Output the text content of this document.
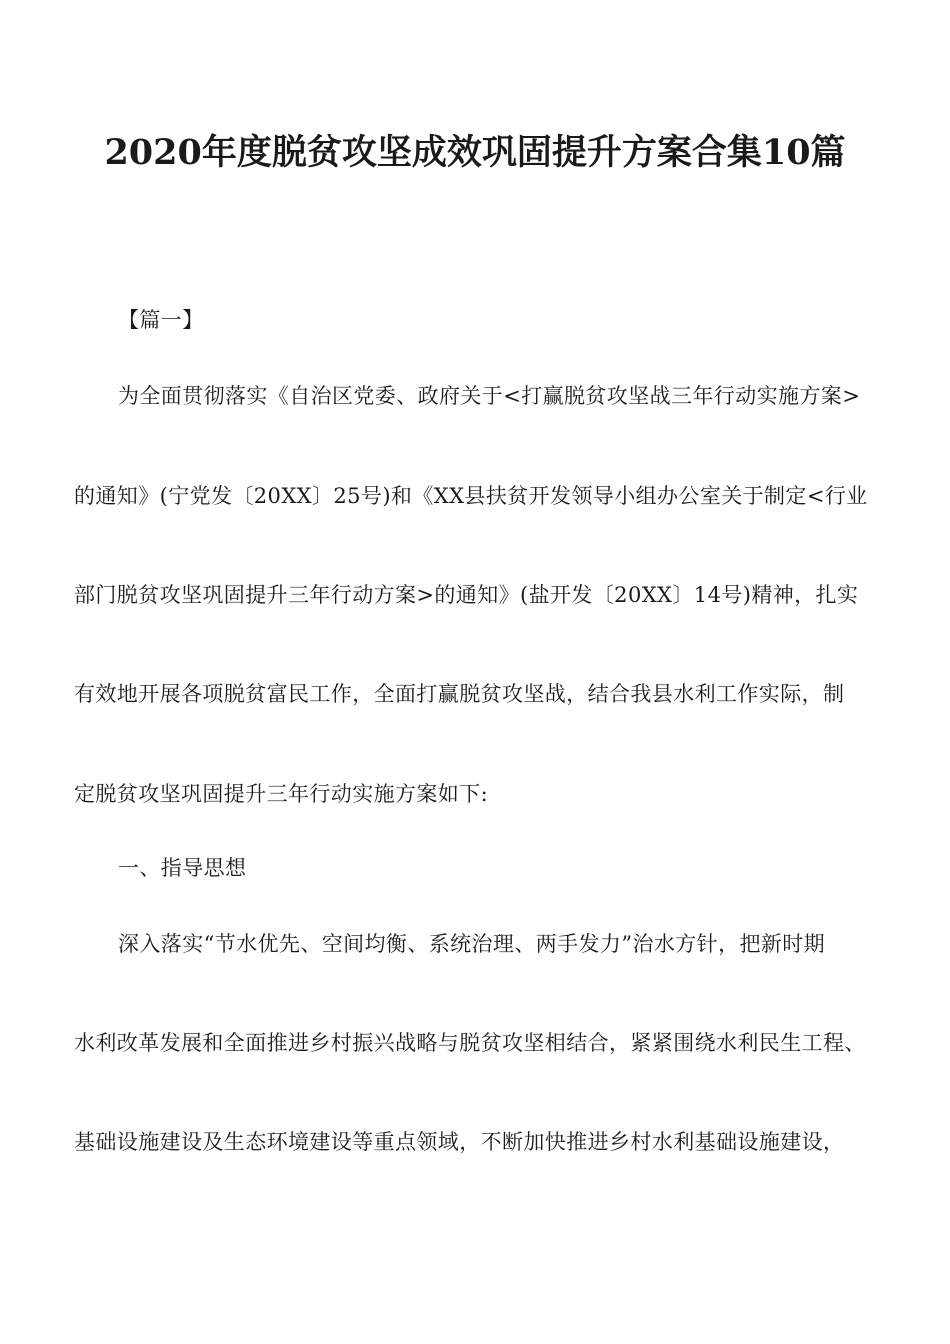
2020年度脱贫攻坚成效巩固提升方案合集10篇
【篇一】
为全面贯彻落实《自治区党委、政府关于<打赢脱贫攻坚战三年行动实施方案>
的通知》(宁党发〔20XX〕25号)和《XX县扶贫开发领导小组办公室关于制定<行业
部门脱贫攻坚巩固提升三年行动方案>的通知》(盐开发〔20XX〕14号)精神，扎实
有效地开展各项脱贫富民工作，全面打赢脱贫攻坚战，结合我县水利工作实际，制
定脱贫攻坚巩固提升三年行动实施方案如下:
一、指导思想
深入落实“节水优先、空间均衡、系统治理、两手发力”治水方针，把新时期
水利改革发展和全面推进乡村振兴战略与脱贫攻坚相结合，紧紧围绕水利民生工程、
基础设施建设及生态环境建设等重点领域，不断加快推进乡村水利基础设施建设，
